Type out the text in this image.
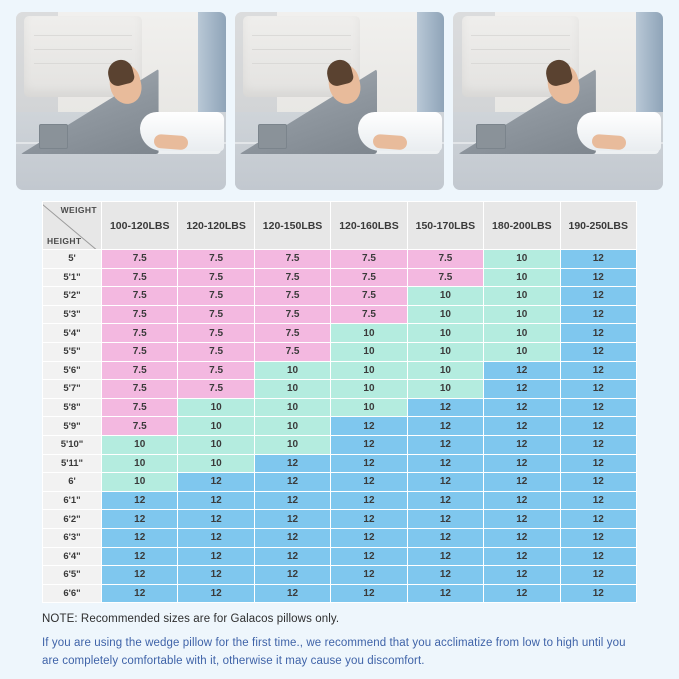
WEIGHT
HEIGHT	100-120LBS	120-120LBS	120-150LBS	120-160LBS	150-170LBS	180-200LBS	190-250LBS
5'	7.5	7.5	7.5	7.5	7.5	10	12
5'1"	7.5	7.5	7.5	7.5	7.5	10	12
5'2"	7.5	7.5	7.5	7.5	10	10	12
5'3"	7.5	7.5	7.5	7.5	10	10	12
5'4"	7.5	7.5	7.5	10	10	10	12
5'5"	7.5	7.5	7.5	10	10	10	12
5'6"	7.5	7.5	10	10	10	12	12
5'7"	7.5	7.5	10	10	10	12	12
5'8"	7.5	10	10	10	12	12	12
5'9"	7.5	10	10	12	12	12	12
5'10"	10	10	10	12	12	12	12
5'11"	10	10	12	12	12	12	12
6'	10	12	12	12	12	12	12
6'1"	12	12	12	12	12	12	12
6'2"	12	12	12	12	12	12	12
6'3"	12	12	12	12	12	12	12
6'4"	12	12	12	12	12	12	12
6'5"	12	12	12	12	12	12	12
6'6"	12	12	12	12	12	12	12
NOTE: Recommended sizes are for Galacos pillows only.
If you are using the wedge pillow for the first time., we recommend that you acclimatize from low to high until you are completely comfortable with it, otherwise it may cause you discomfort.
